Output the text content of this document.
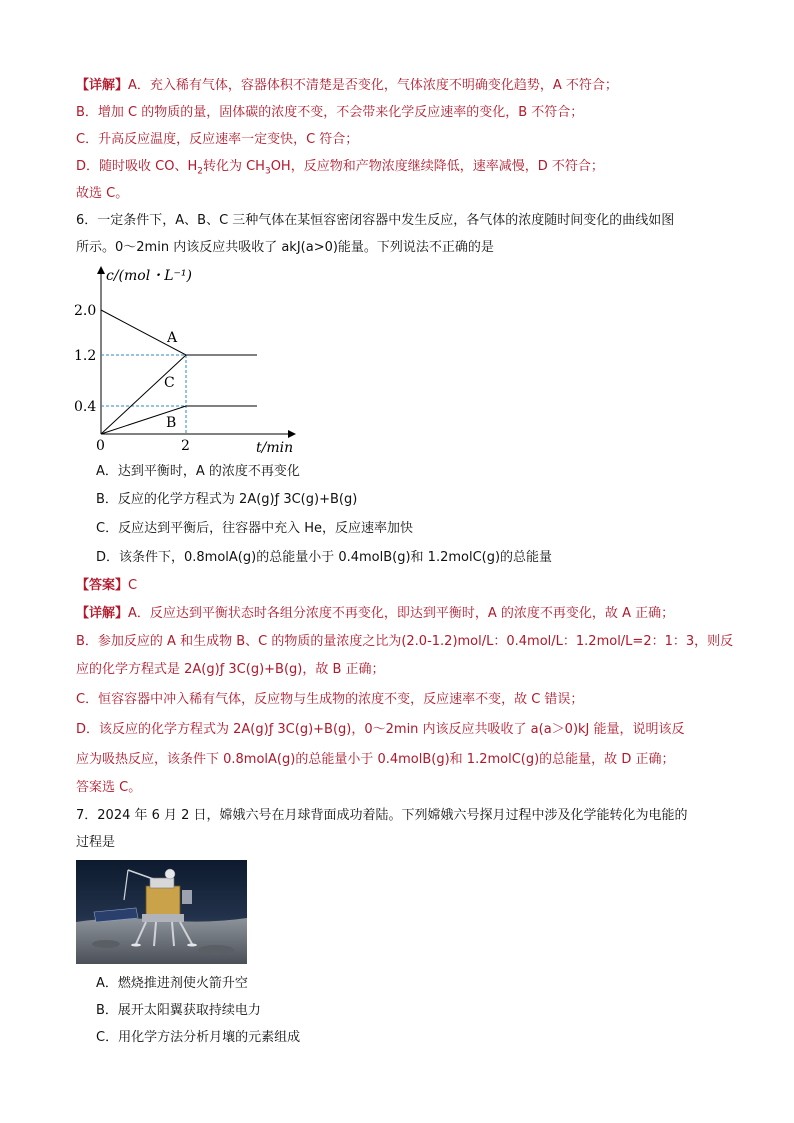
【详解】A．充入稀有气体，容器体积不清楚是否变化，气体浓度不明确变化趋势，A 不符合；
B．增加 C 的物质的量，固体碳的浓度不变，不会带来化学反应速率的变化，B 不符合；
C．升高反应温度，反应速率一定变快，C 符合；
D．随时吸收 CO、$H_2$转化为 $CH_3OH$，反应物和产物浓度继续降低，速率减慢，D 不符合；
故选 C。
6．一定条件下，A、B、C 三种气体在某恒容密闭容器中发生反应，各气体的浓度随时间变化的曲线如图
所示。0～2min 内该反应共吸收了 akJ(a>0)能量。下列说法不正确的是
c/(mol・L⁻¹)
2.0
1.2
0.4
0	2	t/min
A
C
B
A．达到平衡时，A 的浓度不再变化
B．反应的化学方程式为 2A(g)ƒ 3C(g)+B(g)
C．反应达到平衡后，往容器中充入 He，反应速率加快
D．该条件下，0.8molA(g)的总能量小于 0.4molB(g)和 1.2molC(g)的总能量
【答案】C
【详解】A．反应达到平衡状态时各组分浓度不再变化，即达到平衡时，A 的浓度不再变化，故 A 正确；
B．参加反应的 A 和生成物 B、C 的物质的量浓度之比为(2.0-1.2)mol/L：0.4mol/L：1.2mol/L=2：1：3，则反
应的化学方程式是 2A(g)ƒ 3C(g)+B(g)，故 B 正确；
C．恒容容器中冲入稀有气体，反应物与生成物的浓度不变，反应速率不变，故 C 错误；
D．该反应的化学方程式为 2A(g)ƒ 3C(g)+B(g)，0～2min 内该反应共吸收了 a(a＞0)kJ 能量，说明该反
应为吸热反应，该条件下 0.8molA(g)的总能量小于 0.4molB(g)和 1.2molC(g)的总能量，故 D 正确；
答案选 C。
7．2024 年 6 月 2 日，嫦娥六号在月球背面成功着陆。下列嫦娥六号探月过程中涉及化学能转化为电能的
过程是
A．燃烧推进剂使火箭升空
B．展开太阳翼获取持续电力
C．用化学方法分析月壤的元素组成
